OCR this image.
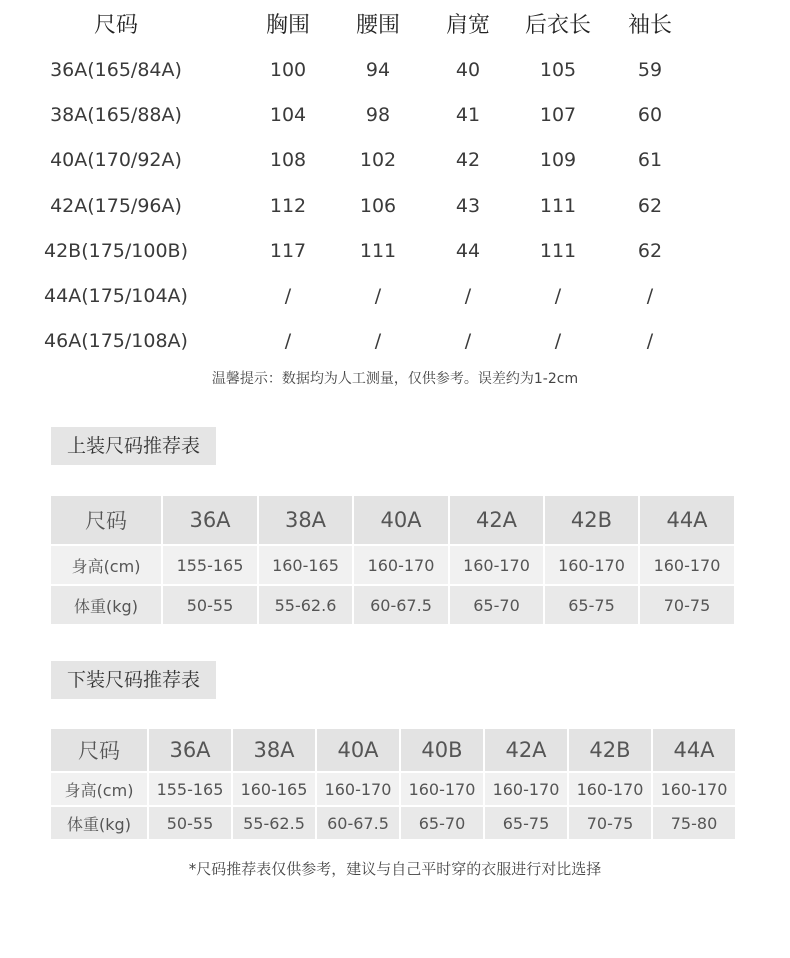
尺码	胸围	腰围	肩宽	后衣长	袖长
36A(165/84A)	100	94	40	105	59
38A(165/88A)	104	98	41	107	60
40A(170/92A)	108	102	42	109	61
42A(175/96A)	112	106	43	111	62
42B(175/100B)	117	111	44	111	62
44A(175/104A)	/	/	/	/	/
46A(175/108A)	/	/	/	/	/
温馨提示：数据均为人工测量，仅供参考。误差约为1-2cm
上装尺码推荐表
尺码	36A	38A	40A	42A	42B	44A
身高(cm)	155-165	160-165	160-170	160-170	160-170	160-170
体重(kg)	50-55	55-62.6	60-67.5	65-70	65-75	70-75
下装尺码推荐表
尺码	36A	38A	40A	40B	42A	42B	44A
身高(cm)	155-165	160-165	160-170	160-170	160-170	160-170	160-170
体重(kg)	50-55	55-62.5	60-67.5	65-70	65-75	70-75	75-80
*尺码推荐表仅供参考，建议与自己平时穿的衣服进行对比选择
